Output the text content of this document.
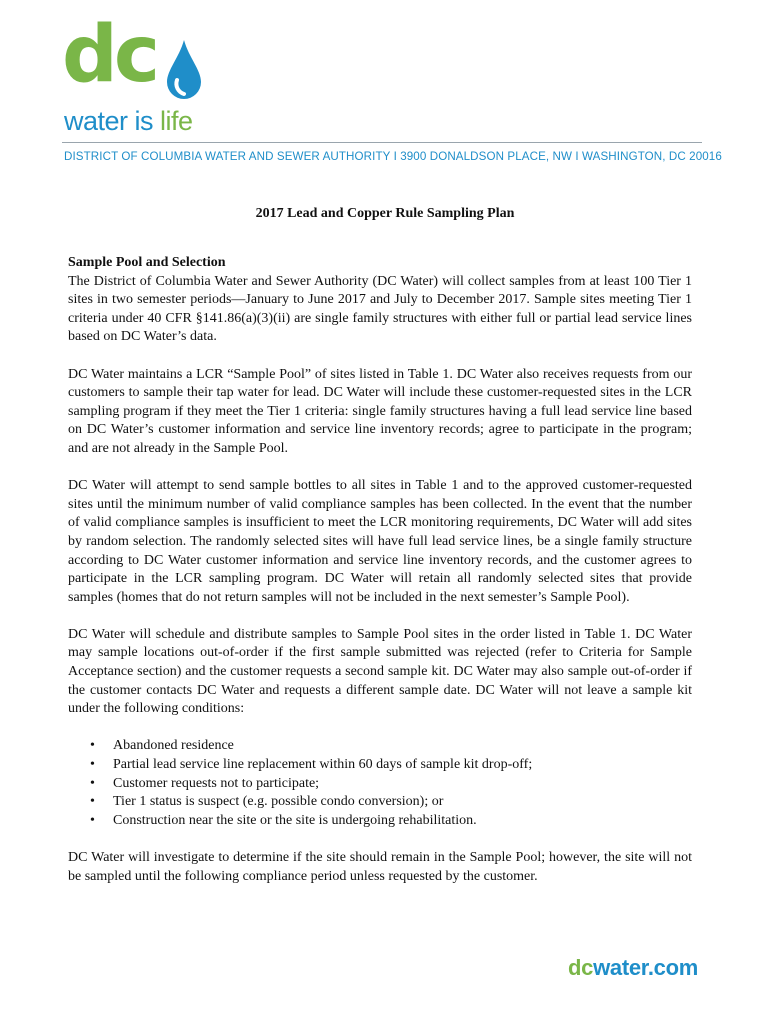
dc
water is life
DISTRICT OF COLUMBIA WATER AND SEWER AUTHORITY I 3900 DONALDSON PLACE, NW I WASHINGTON, DC 20016
2017 Lead and Copper Rule Sampling Plan
Sample Pool and Selection

The District of Columbia Water and Sewer Authority (DC Water) will collect samples from at least 100 Tier 1 sites in two semester periods—January to June 2017 and July to December 2017. Sample sites meeting Tier 1 criteria under 40 CFR §141.86(a)(3)(ii) are single family structures with either full or partial lead service lines based on DC Water’s data.

DC Water maintains a LCR “Sample Pool” of sites listed in Table 1. DC Water also receives requests from our customers to sample their tap water for lead. DC Water will include these customer-requested sites in the LCR sampling program if they meet the Tier 1 criteria: single family structures having a full lead service line based on DC Water’s customer information and service line inventory records; agree to participate in the program; and are not already in the Sample Pool.

DC Water will attempt to send sample bottles to all sites in Table 1 and to the approved customer-requested sites until the minimum number of valid compliance samples has been collected. In the event that the number of valid compliance samples is insufficient to meet the LCR monitoring requirements, DC Water will add sites by random selection. The randomly selected sites will have full lead service lines, be a single family structure according to DC Water customer information and service line inventory records, and the customer agrees to participate in the LCR sampling program. DC Water will retain all randomly selected sites that provide samples (homes that do not return samples will not be included in the next semester’s Sample Pool).

DC Water will schedule and distribute samples to Sample Pool sites in the order listed in Table 1. DC Water may sample locations out-of-order if the first sample submitted was rejected (refer to Criteria for Sample Acceptance section) and the customer requests a second sample kit. DC Water may also sample out-of-order if the customer contacts DC Water and requests a different sample date. DC Water will not leave a sample kit under the following conditions:

• Abandoned residence
• Partial lead service line replacement within 60 days of sample kit drop-off;
• Customer requests not to participate;
• Tier 1 status is suspect (e.g. possible condo conversion); or
• Construction near the site or the site is undergoing rehabilitation.

DC Water will investigate to determine if the site should remain in the Sample Pool; however, the site will not be sampled until the following compliance period unless requested by the customer.

dcwater.com
